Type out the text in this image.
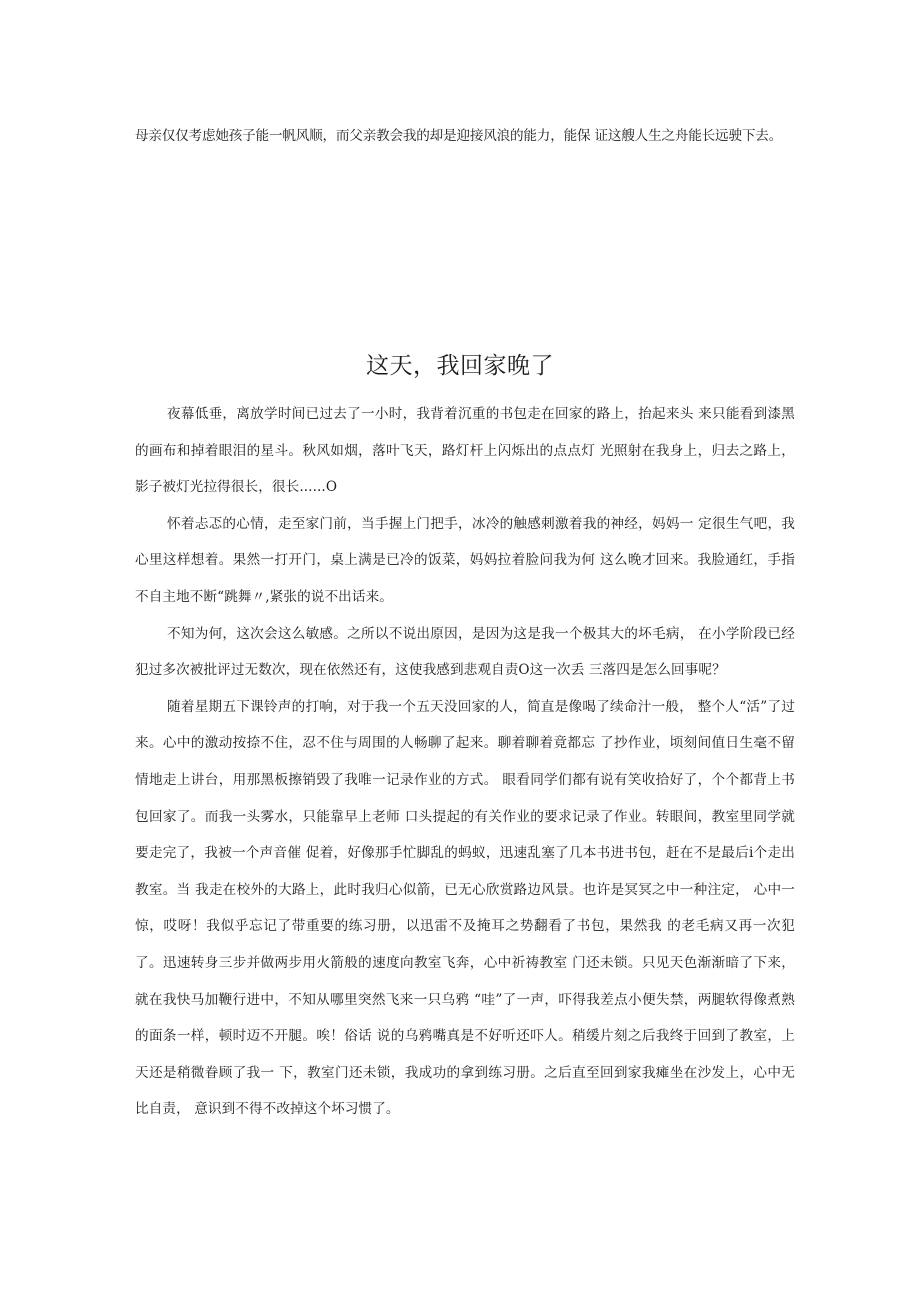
母亲仅仅考虑她孩子能一帆风顺，而父亲教会我的却是迎接风浪的能力，能保 证这艘人生之舟能长远驶下去。
这天，我回家晚了

夜幕低垂，离放学时间已过去了一小时，我背着沉重的书包走在回家的路上，抬起来头 来只能看到漆黑的画布和掉着眼泪的星斗。秋风如烟，落叶飞天，路灯杆上闪烁出的点点灯 光照射在我身上，归去之路上，影子被灯光拉得很长，很长......O

怀着忐忑的心情，走至家门前，当手握上门把手，冰冷的触感刺激着我的神经，妈妈一 定很生气吧，我心里这样想着。果然一打开门，桌上满是已冷的饭菜，妈妈拉着脸问我为何 这么晚才回来。我脸通红，手指不自主地不断“跳舞〃,紧张的说不出话来。

不知为何，这次会这么敏感。之所以不说出原因，是因为这是我一个极其大的坏毛病， 在小学阶段已经犯过多次被批评过无数次，现在依然还有，这使我感到悲观自责O这一次丢 三落四是怎么回事呢？

随着星期五下课铃声的打响，对于我一个五天没回家的人，简直是像喝了续命汁一般， 整个人“活”了过来。心中的激动按捺不住，忍不住与周围的人畅聊了起来。聊着聊着竟都忘 了抄作业，顷刻间值日生毫不留情地走上讲台，用那黑板擦销毁了我唯一记录作业的方式。 眼看同学们都有说有笑收拾好了，个个都背上书包回家了。而我一头雾水，只能靠早上老师 口头提起的有关作业的要求记录了作业。转眼间，教室里同学就要走完了，我被一个声音催 促着，好像那手忙脚乱的蚂蚁，迅速乱塞了几本书进书包，赶在不是最后i个走出教室。当 我走在校外的大路上，此时我归心似箭，已无心欣赏路边风景。也许是冥冥之中一种注定， 心中一惊，哎呀！我似乎忘记了带重要的练习册，以迅雷不及掩耳之势翻看了书包，果然我 的老毛病又再一次犯了。迅速转身三步并做两步用火箭般的速度向教室飞奔，心中祈祷教室 门还未锁。只见天色渐渐暗了下来，就在我快马加鞭行进中，不知从哪里突然飞来一只乌鸦 “哇”了一声，吓得我差点小便失禁，两腿软得像煮熟的面条一样，顿时迈不开腿。唉！俗话 说的乌鸦嘴真是不好听还吓人。稍缓片刻之后我终于回到了教室，上天还是稍微眷顾了我一 下，教室门还未锁，我成功的拿到练习册。之后直至回到家我瘫坐在沙发上，心中无比自责， 意识到不得不改掉这个坏习惯了。
